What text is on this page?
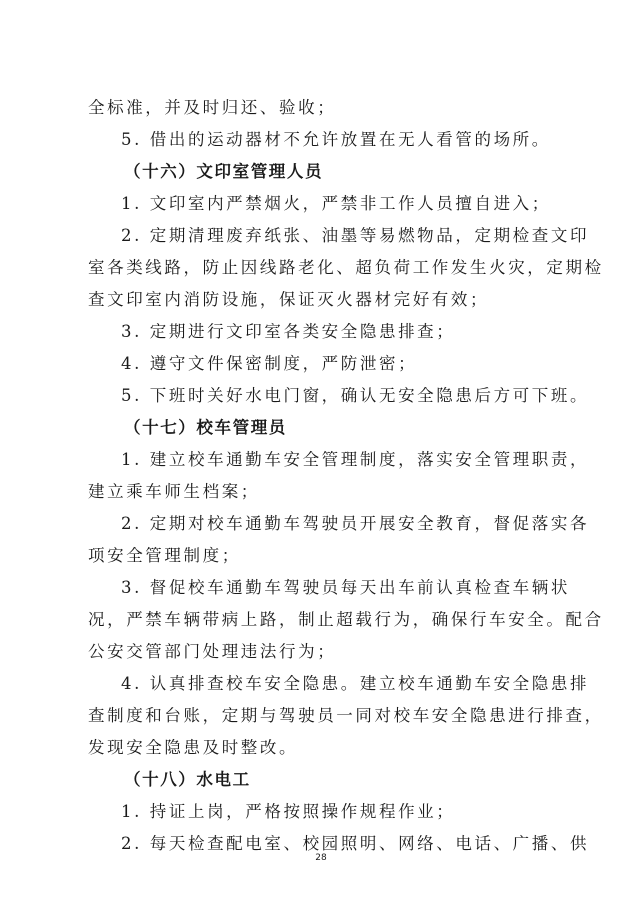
全标准，并及时归还、验收；
5. 借出的运动器材不允许放置在无人看管的场所。
（十六）文印室管理人员
1. 文印室内严禁烟火，严禁非工作人员擅自进入；
2. 定期清理废弃纸张、油墨等易燃物品，定期检查文印
室各类线路，防止因线路老化、超负荷工作发生火灾，定期检
查文印室内消防设施，保证灭火器材完好有效；
3. 定期进行文印室各类安全隐患排查；
4. 遵守文件保密制度，严防泄密；
5. 下班时关好水电门窗，确认无安全隐患后方可下班。
（十七）校车管理员
1. 建立校车通勤车安全管理制度，落实安全管理职责，
建立乘车师生档案；
2. 定期对校车通勤车驾驶员开展安全教育，督促落实各
项安全管理制度；
3. 督促校车通勤车驾驶员每天出车前认真检查车辆状
况，严禁车辆带病上路，制止超载行为，确保行车安全。配合
公安交管部门处理违法行为；
4. 认真排查校车安全隐患。建立校车通勤车安全隐患排
查制度和台账，定期与驾驶员一同对校车安全隐患进行排查，
发现安全隐患及时整改。
（十八）水电工
1. 持证上岗，严格按照操作规程作业；
2. 每天检查配电室、校园照明、网络、电话、广播、供
28
